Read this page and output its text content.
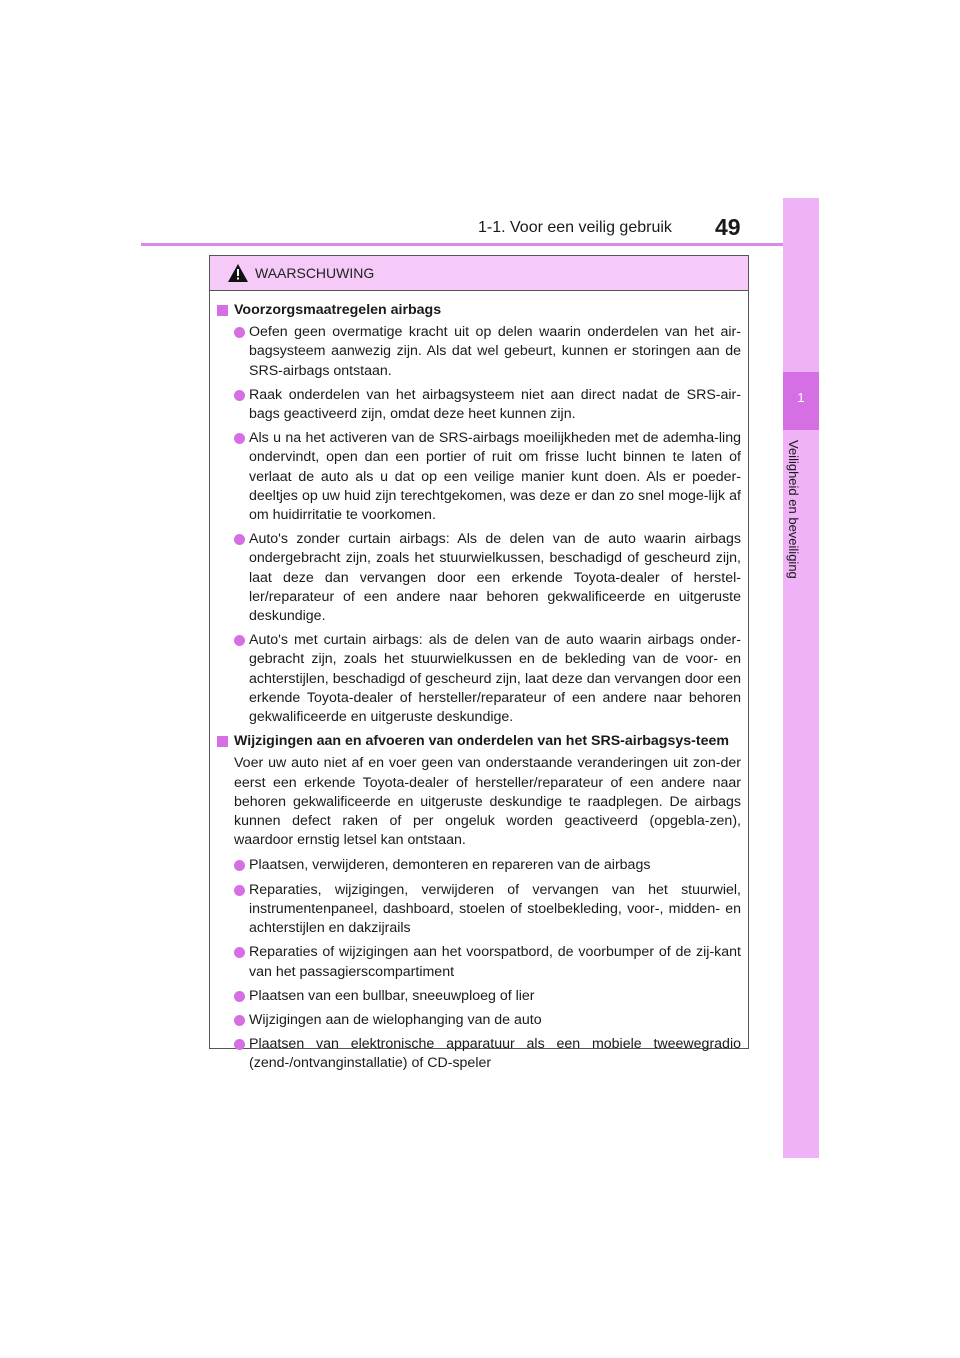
1-1. Voor een veilig gebruik 49
1
Veiligheid en beveiliging
WAARSCHUWING
Voorzorgsmaatregelen airbags
Oefen geen overmatige kracht uit op delen waarin onderdelen van het air-bagsysteem aanwezig zijn. Als dat wel gebeurt, kunnen er storingen aan de SRS-airbags ontstaan.
Raak onderdelen van het airbagsysteem niet aan direct nadat de SRS-air-bags geactiveerd zijn, omdat deze heet kunnen zijn.
Als u na het activeren van de SRS-airbags moeilijkheden met de ademha-ling ondervindt, open dan een portier of ruit om frisse lucht binnen te laten of verlaat de auto als u dat op een veilige manier kunt doen. Als er poeder-deeltjes op uw huid zijn terechtgekomen, was deze er dan zo snel moge-lijk af om huidirritatie te voorkomen.
Auto's zonder curtain airbags: Als de delen van de auto waarin airbags ondergebracht zijn, zoals het stuurwielkussen, beschadigd of gescheurd zijn, laat deze dan vervangen door een erkende Toyota-dealer of herstel-ler/reparateur of een andere naar behoren gekwalificeerde en uitgeruste deskundige.
Auto's met curtain airbags: als de delen van de auto waarin airbags onder-gebracht zijn, zoals het stuurwielkussen en de bekleding van de voor- en achterstijlen, beschadigd of gescheurd zijn, laat deze dan vervangen door een erkende Toyota-dealer of hersteller/reparateur of een andere naar behoren gekwalificeerde en uitgeruste deskundige.
Wijzigingen aan en afvoeren van onderdelen van het SRS-airbagsys-teem
Voer uw auto niet af en voer geen van onderstaande veranderingen uit zon-der eerst een erkende Toyota-dealer of hersteller/reparateur of een andere naar behoren gekwalificeerde en uitgeruste deskundige te raadplegen. De airbags kunnen defect raken of per ongeluk worden geactiveerd (opgebla-zen), waardoor ernstig letsel kan ontstaan.
Plaatsen, verwijderen, demonteren en repareren van de airbags
Reparaties, wijzigingen, verwijderen of vervangen van het stuurwiel, instrumentenpaneel, dashboard, stoelen of stoelbekleding, voor-, midden- en achterstijlen en dakzijrails
Reparaties of wijzigingen aan het voorspatbord, de voorbumper of de zij-kant van het passagierscompartiment
Plaatsen van een bullbar, sneeuwploeg of lier
Wijzigingen aan de wielophanging van de auto
Plaatsen van elektronische apparatuur als een mobiele tweewegradio (zend-/ontvanginstallatie) of CD-speler
